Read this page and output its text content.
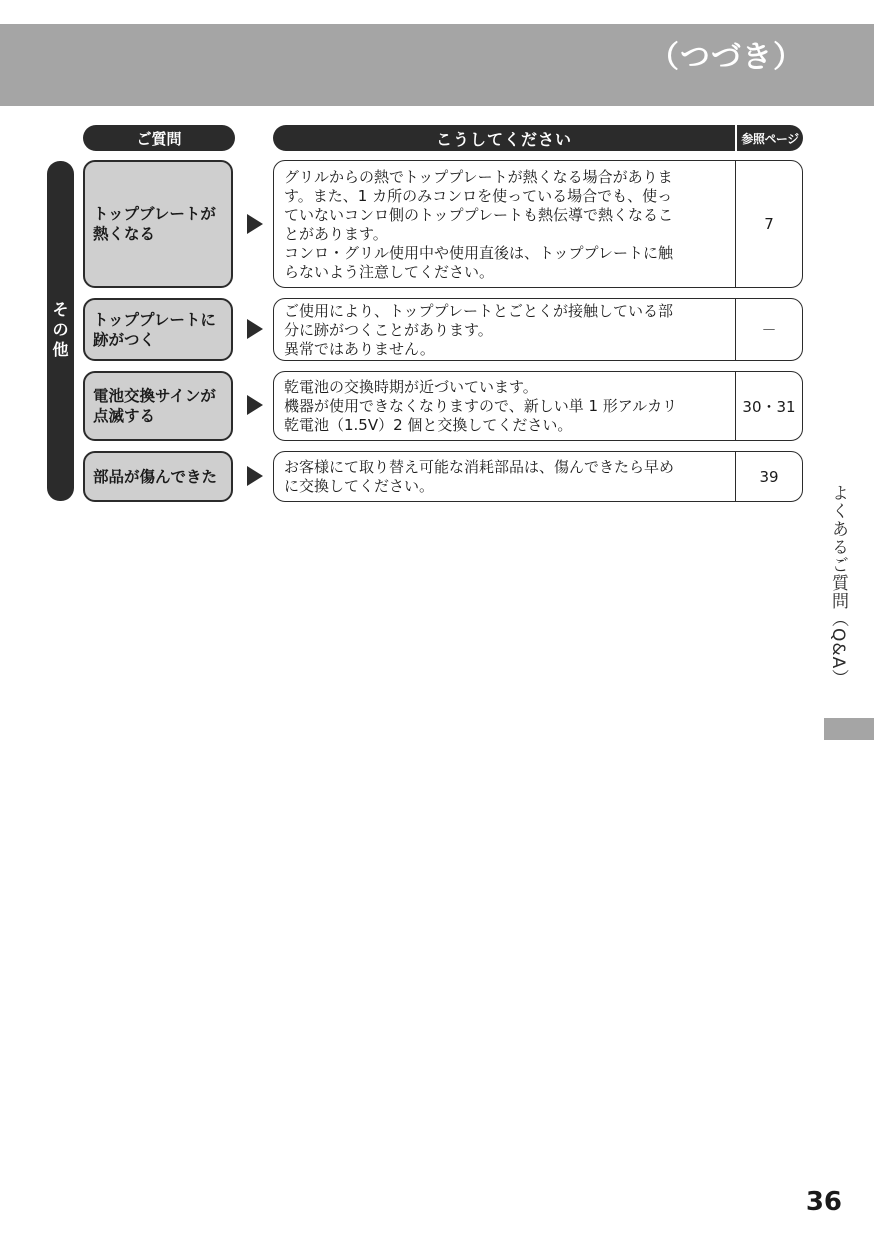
（つづき）
ご質問	こうしてください	参照ページ
そ
の
他
トップブレートが熱くなる
グリルからの熱でトッププレートが熱くなる場合がありま
す。また、1 カ所のみコンロを使っている場合でも、使っ
ていないコンロ側のトッププレートも熱伝導で熱くなるこ
とがあります。
コンロ・グリル使用中や使用直後は、トッププレートに触
らないよう注意してください。
7
トッププレートに跡がつく
ご使用により、トッププレートとごとくが接触している部
分に跡がつくことがあります。
異常ではありません。
－
電池交換サインが点滅する
乾電池の交換時期が近づいています。
機器が使用できなくなりますので、新しい単 1 形アルカリ
乾電池（1.5V）2 個と交換してください。
30・31
部品が傷んできた
お客様にて取り替え可能な消耗部品は、傷んできたら早め
に交換してください。
39
よくあるご質問（Q&A）
36
